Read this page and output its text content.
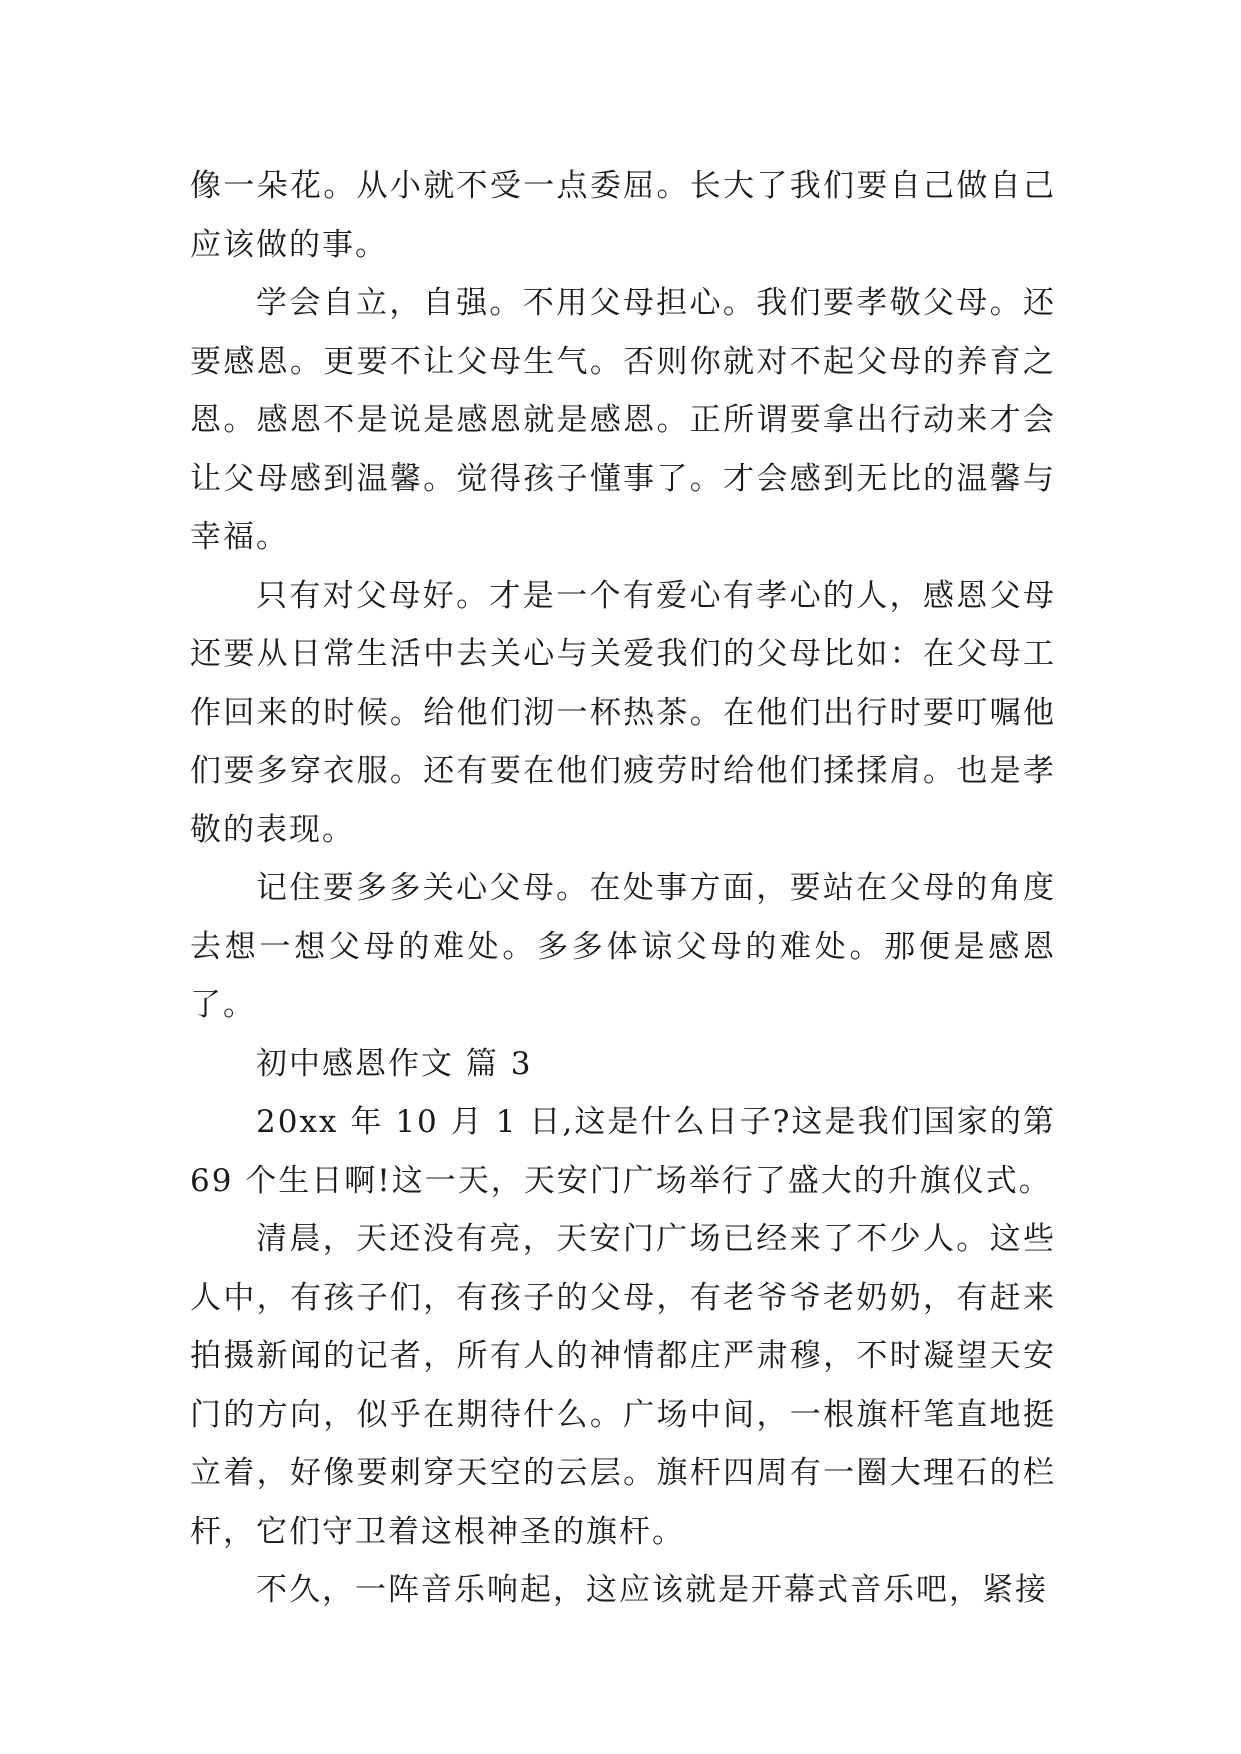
像一朵花。从小就不受一点委屈。长大了我们要自己做自己应该做的事。

学会自立，自强。不用父母担心。我们要孝敬父母。还要感恩。更要不让父母生气。否则你就对不起父母的养育之恩。感恩不是说是感恩就是感恩。正所谓要拿出行动来才会让父母感到温馨。觉得孩子懂事了。才会感到无比的温馨与幸福。

只有对父母好。才是一个有爱心有孝心的人，感恩父母还要从日常生活中去关心与关爱我们的父母比如：在父母工作回来的时候。给他们沏一杯热茶。在他们出行时要叮嘱他们要多穿衣服。还有要在他们疲劳时给他们揉揉肩。也是孝敬的表现。

记住要多多关心父母。在处事方面，要站在父母的角度去想一想父母的难处。多多体谅父母的难处。那便是感恩了。

初中感恩作文 篇 3

20xx 年 10 月 1 日,这是什么日子?这是我们国家的第 69 个生日啊!这一天，天安门广场举行了盛大的升旗仪式。

清晨，天还没有亮，天安门广场已经来了不少人。这些人中，有孩子们，有孩子的父母，有老爷爷老奶奶，有赶来拍摄新闻的记者，所有人的神情都庄严肃穆，不时凝望天安门的方向，似乎在期待什么。广场中间，一根旗杆笔直地挺立着，好像要刺穿天空的云层。旗杆四周有一圈大理石的栏杆，它们守卫着这根神圣的旗杆。

不久，一阵音乐响起，这应该就是开幕式音乐吧，紧接
